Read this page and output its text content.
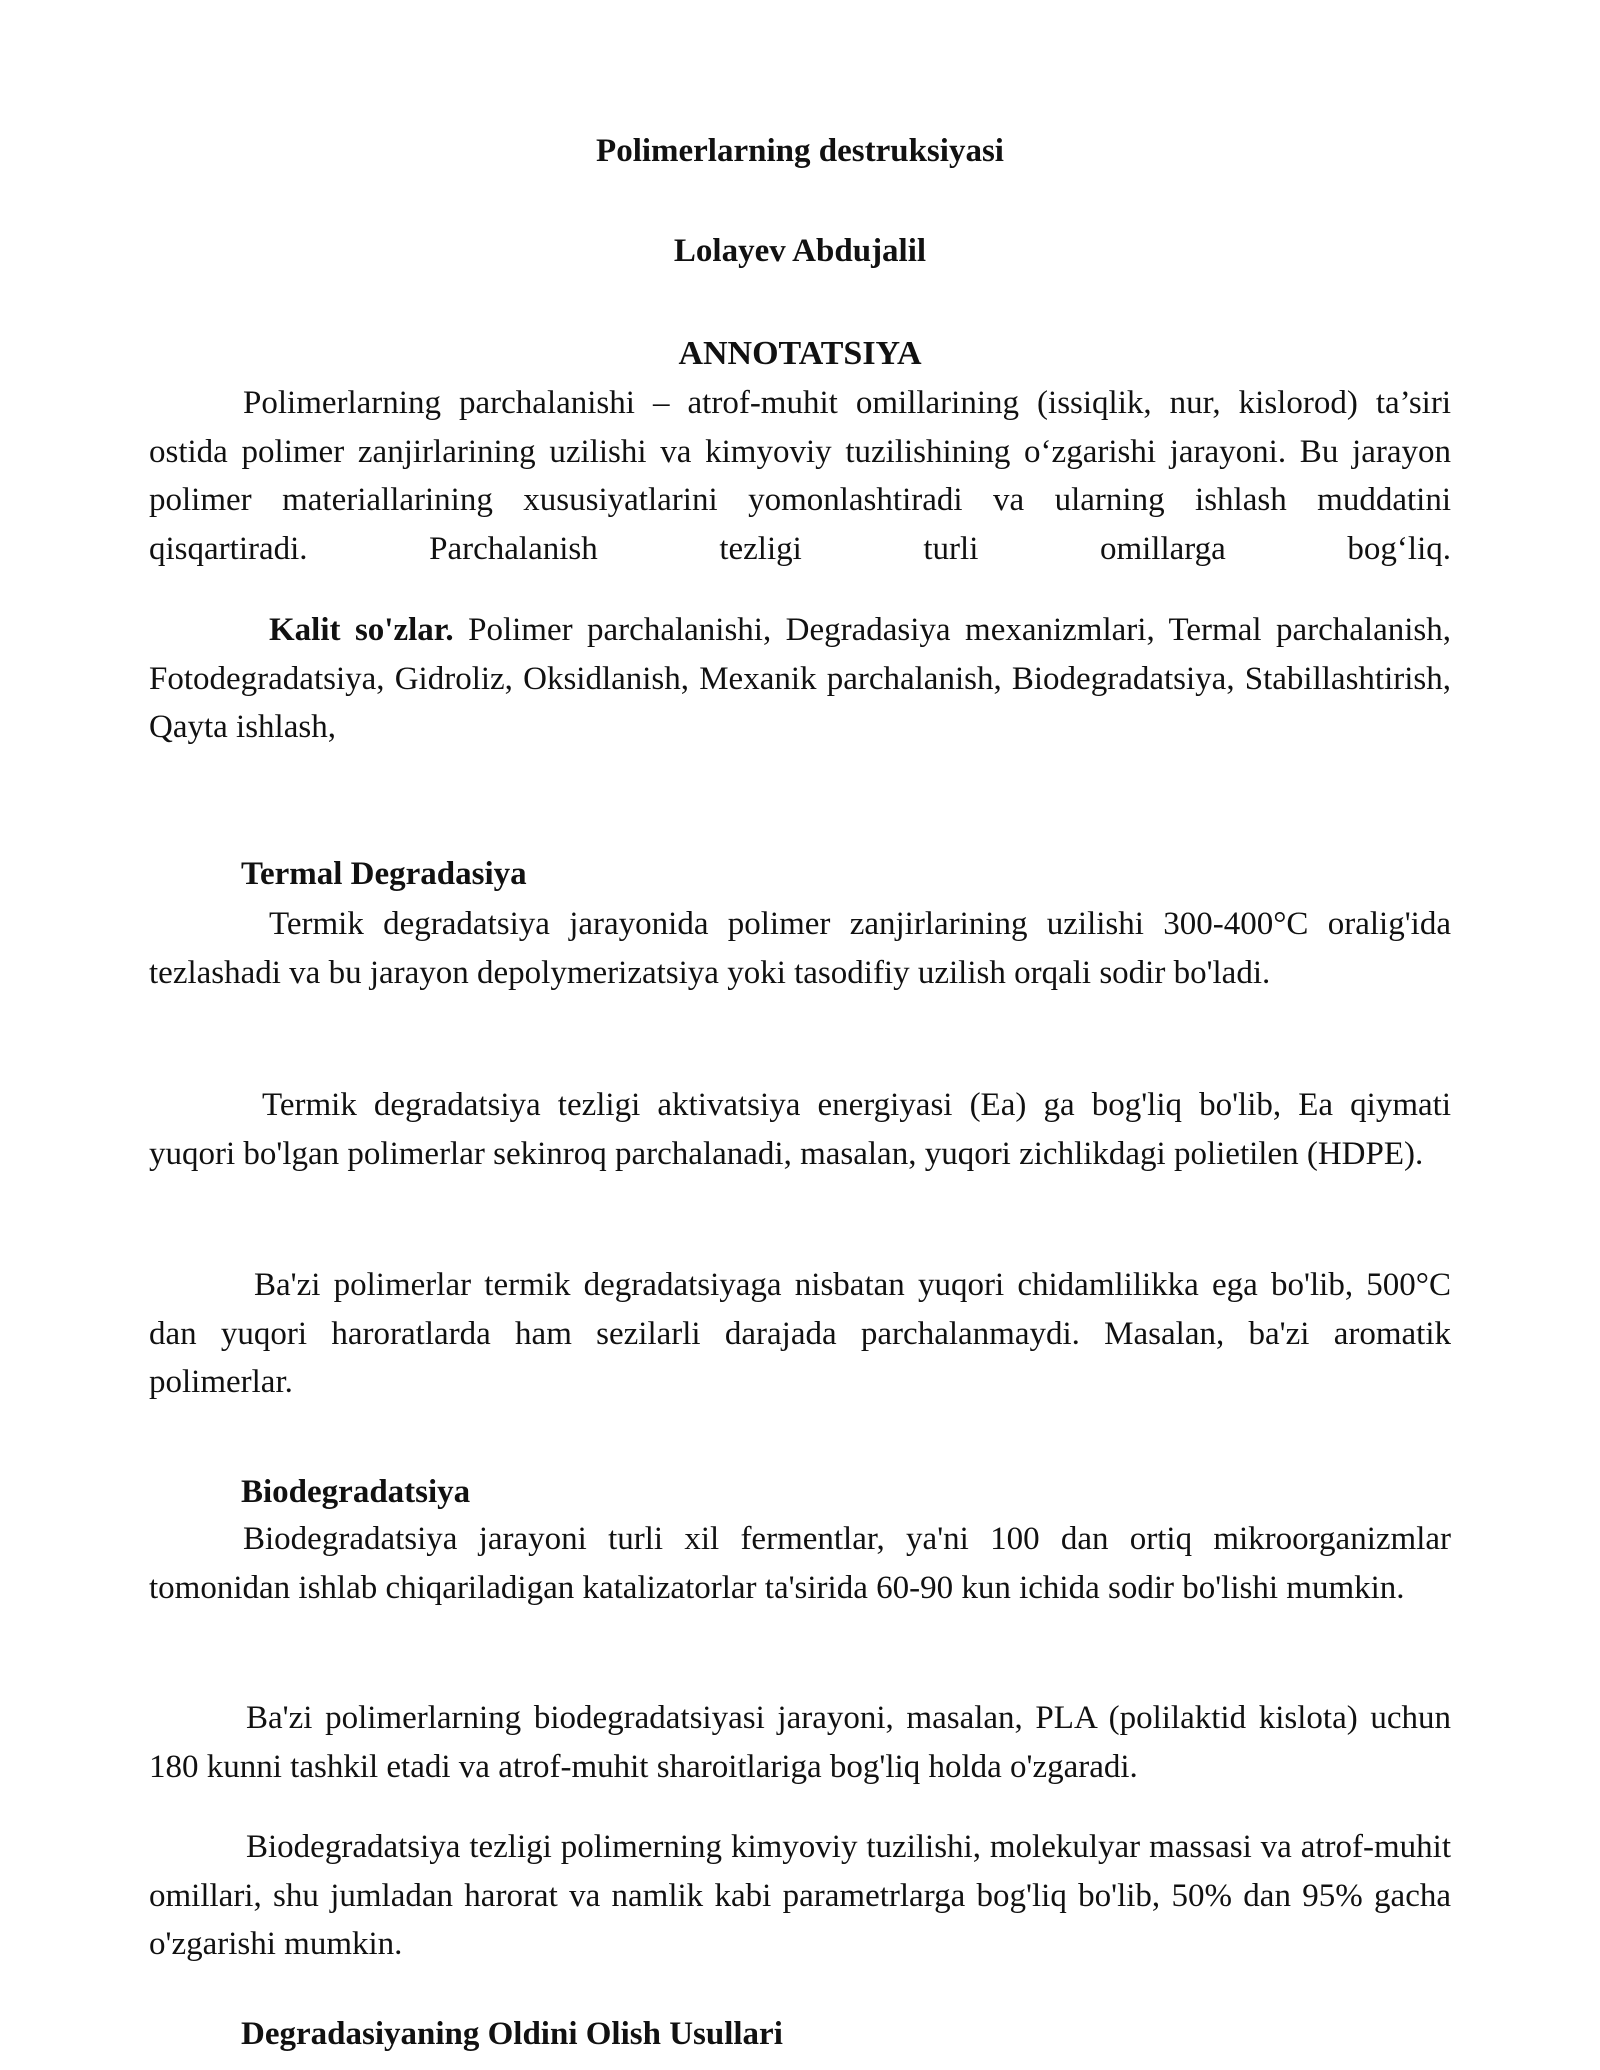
Polimerlarning destruksiyasi
Lolayev Abdujalil
ANNOTATSIYA

Polimerlarning parchalanishi – atrof-muhit omillarining (issiqlik, nur, kislorod) ta’siri ostida polimer zanjirlarining uzilishi va kimyoviy tuzilishining o‘zgarishi jarayoni. Bu jarayon polimer materiallarining xususiyatlarini yomonlashtiradi va ularning ishlash muddatini qisqartiradi. Parchalanish tezligi turli omillarga bog‘liq.

Kalit so'zlar. Polimer parchalanishi, Degradasiya mexanizmlari, Termal parchalanish, Fotodegradatsiya, Gidroliz, Oksidlanish, Mexanik parchalanish, Biodegradatsiya, Stabillashtirish, Qayta ishlash,

Termal Degradasiya

Termik degradatsiya jarayonida polimer zanjirlarining uzilishi 300-400°C oralig'ida tezlashadi va bu jarayon depolymerizatsiya yoki tasodifiy uzilish orqali sodir bo'ladi.

Termik degradatsiya tezligi aktivatsiya energiyasi (Ea) ga bog'liq bo'lib, Ea qiymati yuqori bo'lgan polimerlar sekinroq parchalanadi, masalan, yuqori zichlikdagi polietilen (HDPE).

Ba'zi polimerlar termik degradatsiyaga nisbatan yuqori chidamlilikka ega bo'lib, 500°C dan yuqori haroratlarda ham sezilarli darajada parchalanmaydi. Masalan, ba'zi aromatik polimerlar.

Biodegradatsiya

Biodegradatsiya jarayoni turli xil fermentlar, ya'ni 100 dan ortiq mikroorganizmlar tomonidan ishlab chiqariladigan katalizatorlar ta'sirida 60-90 kun ichida sodir bo'lishi mumkin.

Ba'zi polimerlarning biodegradatsiyasi jarayoni, masalan, PLA (polilaktid kislota) uchun 180 kunni tashkil etadi va atrof-muhit sharoitlariga bog'liq holda o'zgaradi.

Biodegradatsiya tezligi polimerning kimyoviy tuzilishi, molekulyar massasi va atrof-muhit omillari, shu jumladan harorat va namlik kabi parametrlarga bog'liq bo'lib, 50% dan 95% gacha o'zgarishi mumkin.

Degradasiyaning Oldini Olish Usullari
